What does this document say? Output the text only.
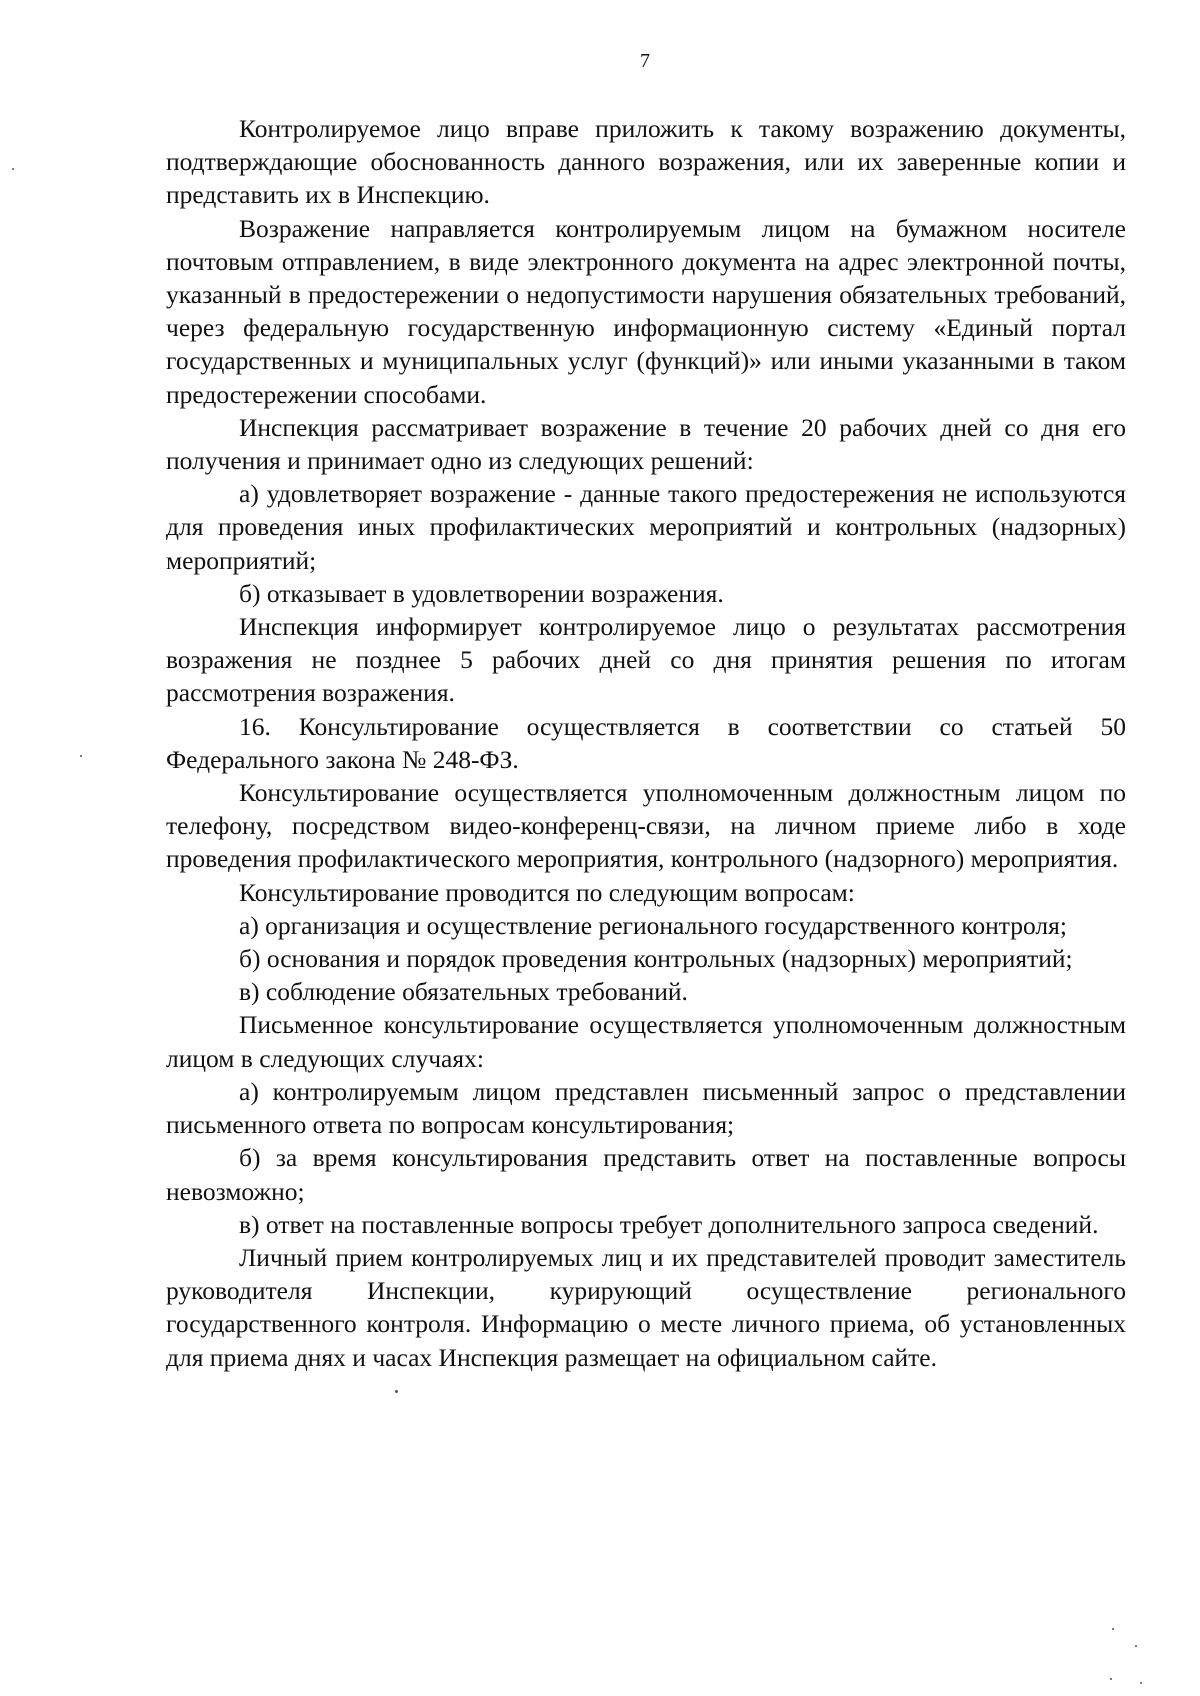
7

Контролируемое лицо вправе приложить к такому возражению документы, подтверждающие обоснованность данного возражения, или их заверенные копии и представить их в Инспекцию.

Возражение направляется контролируемым лицом на бумажном носителе почтовым отправлением, в виде электронного документа на адрес электронной почты, указанный в предостережении о недопустимости нарушения обязательных требований, через федеральную государственную информационную систему «Единый портал государственных и муниципальных услуг (функций)» или иными указанными в таком предостережении способами.

Инспекция рассматривает возражение в течение 20 рабочих дней со дня его получения и принимает одно из следующих решений:

а) удовлетворяет возражение - данные такого предостережения не используются для проведения иных профилактических мероприятий и контрольных (надзорных) мероприятий;

б) отказывает в удовлетворении возражения.

Инспекция информирует контролируемое лицо о результатах рассмотрения возражения не позднее 5 рабочих дней со дня принятия решения по итогам рассмотрения возражения.

16. Консультирование осуществляется в соответствии со статьей 50 Федерального закона № 248-ФЗ.

Консультирование осуществляется уполномоченным должностным лицом по телефону, посредством видео-конференц-связи, на личном приеме либо в ходе проведения профилактического мероприятия, контрольного (надзорного) мероприятия.

Консультирование проводится по следующим вопросам:

а) организация и осуществление регионального государственного контроля;

б) основания и порядок проведения контрольных (надзорных) мероприятий;

в) соблюдение обязательных требований.

Письменное консультирование осуществляется уполномоченным должностным лицом в следующих случаях:

а) контролируемым лицом представлен письменный запрос о представлении письменного ответа по вопросам консультирования;

б) за время консультирования представить ответ на поставленные вопросы невозможно;

в) ответ на поставленные вопросы требует дополнительного запроса сведений.

Личный прием контролируемых лиц и их представителей проводит заместитель руководителя Инспекции, курирующий осуществление регионального государственного контроля. Информацию о месте личного приема, об установленных для приема днях и часах Инспекция размещает на официальном сайте.
